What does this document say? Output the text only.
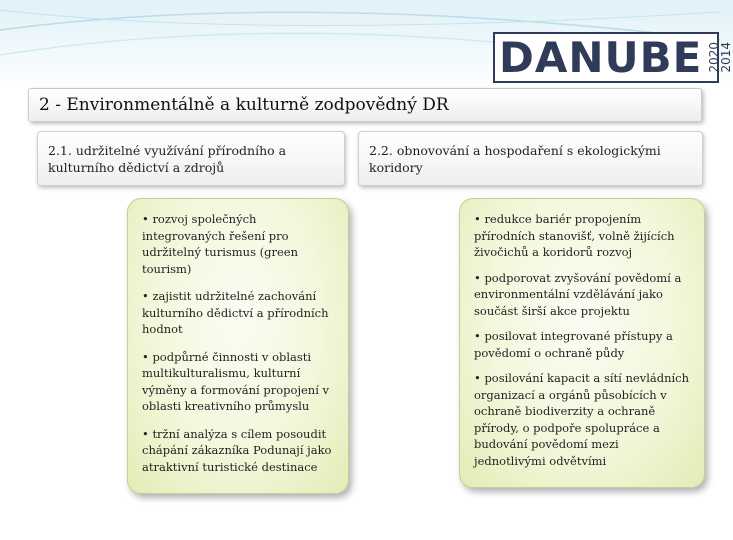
DANUBE 2020
2014
2 - Environmentálně a kulturně zodpovědný DR
2.1. udržitelné využívání přírodního a kulturního dědictví a zdrojů
2.2. obnovování a hospodaření s ekologickými koridory
• rozvoj společných integrovaných řešení pro udržitelný turismus (green tourism)
• zajistit udržitelné zachování kulturního dědictví a přírodních hodnot
• podpůrné činnosti v oblasti multikulturalismu, kulturní výměny a formování propojení v oblasti kreativního průmyslu
• tržní analýza s cílem posoudit chápání zákazníka Podunají jako atraktivní turistické destinace
• redukce bariér propojením přírodních stanovišť, volně žijících živočichů a koridorů rozvoj
• podporovat zvyšování povědomí a environmentální vzdělávání jako součást širší akce projektu
• posilovat integrované přístupy a povědomí o ochraně půdy
• posilování kapacit a sítí nevládních organizací a orgánů působících v ochraně biodiverzity a ochraně přírody, o podpoře spolupráce a budování povědomí mezi jednotlivými odvětvími
